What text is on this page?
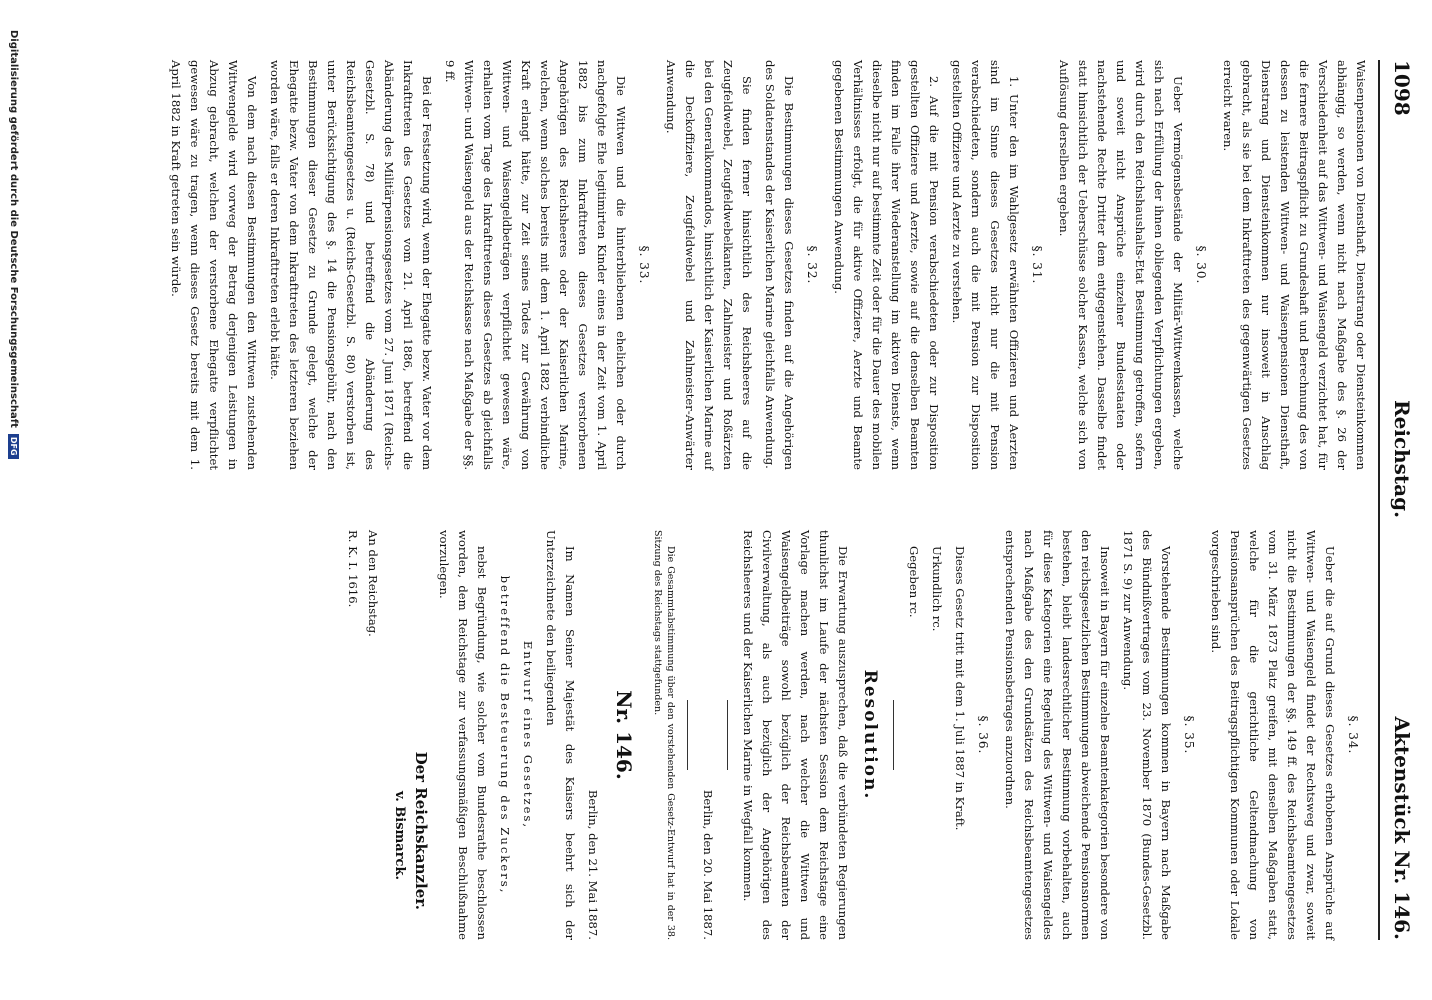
1098
Reichstag.
Aktenstück Nr. 146.

Waisenpensionen von Diensthaft, Dienstrang oder Diensteinkommen abhängig, so werden, wenn nicht nach Maßgabe des §. 26 der Verschiedenheit auf das Wittwen- und Waisengeld verzichtet hat, für die fernere Beitragspflicht zu Grundeshaft und Berechnung des von dessen zu leistenden Wittwen- und Waisenpensionen Diensthaft, Dienstrang und Diensteinkommen nur insoweit in Anschlag gebracht, als sie bei dem Inkrafttreten des gegenwärtigen Gesetzes erreicht waren.

§. 30.

Ueber Vermögensbestände der Militär-Wittwenkassen, welche sich nach Erfüllung der ihnen obliegenden Verpflichtungen ergeben, wird durch den Reichshaushalts-Etat Bestimmung getroffen, sofern und soweit nicht Ansprüche einzelner Bundesstaaten oder nachstehende Rechte Dritter dem entgegenstehen. Dasselbe findet statt hinsichtlich der Ueberschüsse solcher Kassen, welche sich von Auflösung derselben ergeben.

§. 31.

1. Unter den im Wahlgesetz erwähnten Offizieren und Aerzten sind im Sinne dieses Gesetzes nicht nur die mit Pension verabschiedeten, sondern auch die mit Pension zur Disposition gestellten Offiziere und Aerzte zu verstehen.

2. Auf die mit Pension verabschiedeten oder zur Disposition gestellten Offiziere und Aerzte, sowie auf die denselben Beamten finden im Falle ihrer Wiederanstellung im aktiven Dienste, wenn dieselbe nicht nur auf bestimmte Zeit oder für die Dauer des mobilen Verhältnisses erfolgt, die für aktive Offiziere, Aerzte und Beamte gegebenen Bestimmungen Anwendung.

§. 32.

Die Bestimmungen dieses Gesetzes finden auf die Angehörigen des Soldatenstandes der Kaiserlichen Marine gleichfalls Anwendung.

Sie finden ferner hinsichtlich des Reichsheeres auf die Zeugfeldwebel, Zeugfeldwebelkanten, Zahlmeister und Roßärzten bei den Generalkommandos, hinsichtlich der Kaiserlichen Marine auf die Deckoffiziere, Zeugfeldwebel und Zahlmeister-Anwärter Anwendung.

§. 33.

Die Wittwen und die hinterbliebenen ehelichen oder durch nachgefolgte Ehe legitimirten Kinder eines in der Zeit vom 1. April 1882 bis zum Inkrafttreten dieses Gesetzes verstorbenen Angehörigen des Reichsheeres oder der Kaiserlichen Marine, welchen, wenn solches bereits mit dem 1. April 1882 verbindliche Kraft erlangt hätte, zur Zeit seines Todes zur Gewährung von Wittwen- und Waisengeldbeträgen verpflichtet gewesen wäre, erhalten vom Tage des Inkrafttretens dieses Gesetzes ab gleichfalls Wittwen- und Waisengeld aus der Reichskasse nach Maßgabe der §§. 9 ff.

Bei der Festsetzung wird, wenn der Ehegatte bezw. Vater vor dem Inkrafttreten des Gesetzes vom 21. April 1886, betreffend die Abänderung des Militärpensionsgesetzes vom 27. Juni 1871 (Reichs-Gesetzbl. S. 78) und betreffend die Abänderung des Reichsbeamtengesetzes u. (Reichs-Gesetzbl. S. 80) verstorben ist, unter Berücksichtigung des §. 14 die Pensionsgebühr, nach den Bestimmungen dieser Gesetze zu Grunde gelegt, welche der Ehegatte bezw. Vater von dem Inkrafttreten des letzteren beziehen worden wäre, falls er deren Inkrafttreten erlebt hätte.

Von dem nach diesen Bestimmungen den Wittwen zustehenden Wittwengelde wird vorweg der Betrag derjenigen Leistungen in Abzug gebracht, welchen der verstorbene Ehegatte verpflichtet gewesen wäre zu tragen, wenn dieses Gesetz bereits mit dem 1. April 1882 in Kraft getreten sein würde.

§. 34.

Ueber die auf Grund dieses Gesetzes erhobenen Ansprüche auf Wittwen- und Waisengeld findet der Rechtsweg und zwar, soweit nicht die Bestimmungen der §§. 149 ff. des Reichsbeamtengesetzes vom 31. März 1873 Platz greifen, mit denselben Maßgaben statt, welche für die gerichtliche Geltendmachung von Pensionsansprüchen des Beitragspflichtigen Kommunen oder Lokale vorgeschrieben sind.

§. 35.

Vorstehende Bestimmungen kommen in Bayern nach Maßgabe des Bündnißvertrages vom 23. November 1870 (Bundes-Gesetzbl. 1871 S. 9) zur Anwendung.

Insoweit in Bayern für einzelne Beamtenkategorien besondere von den reichsgesetzlichen Bestimmungen abweichende Pensionsnormen bestehen, bleibt landesrechtlicher Bestimmung vorbehalten, auch für diese Kategorien eine Regelung des Wittwen- und Waisengeldes nach Maßgabe des den Grundsätzen des Reichsbeamtengesetzes entsprechenden Pensionsbetrages anzuordnen.

§. 36.

Dieses Gesetz tritt mit dem 1. Juli 1887 in Kraft.

Urkundlich rc.

Gegeben rc.

Resolution.

Die Erwartung auszusprechen, daß die verbündeten Regierungen thunlichst im Laufe der nächsten Session dem Reichstage eine Vorlage machen werden, nach welcher die Wittwen und Waisengeldbeiträge sowohl bezüglich der Reichsbeamten der Civilverwaltung, als auch bezüglich der Angehörigen des Reichsheeres und der Kaiserlichen Marine in Wegfall kommen.

Berlin, den 20. Mai 1887.

Die Gesammtabstimmung über den vorstehenden Gesetz-Entwurf hat in der 38. Sitzung des Reichstags stattgefunden.

Nr. 146.
Berlin, den 21. Mai 1887.

Im Namen Seiner Majestät des Kaisers beehrt sich der Unterzeichnete den beiliegenden

Entwurf eines Gesetzes,
betreffend die Besteuerung des Zuckers,

nebst Begründung, wie solcher vom Bundesrathe beschlossen worden, dem Reichstage zur verfassungsmäßigen Beschlußnahme vorzulegen.

Der Reichskanzler.
v. Bismarck.
An den Reichstag.
R. K. I. 1616.
Digitalisierung gefördert durch die Deutsche Forschungsgemeinschaft
DFG
